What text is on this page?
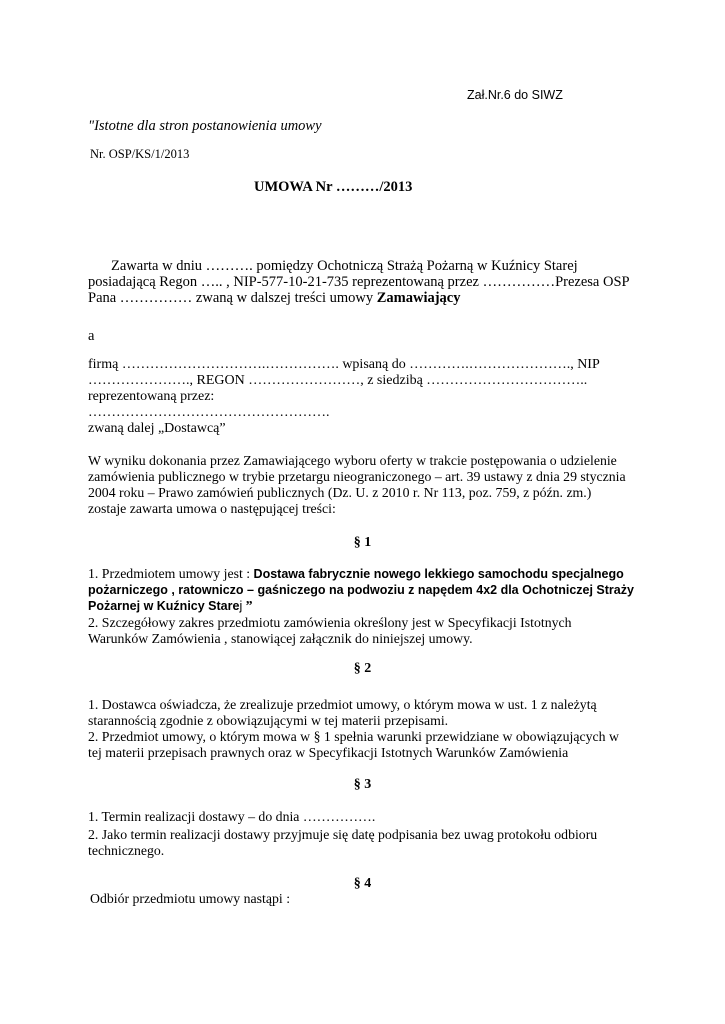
Zał.Nr.6 do SIWZ
"Istotne dla stron postanowienia umowy
Nr. OSP/KS/1/2013
UMOWA Nr ………/2013
Zawarta w dniu ………. pomiędzy Ochotniczą Strażą Pożarną w Kuźnicy Starej
posiadającą Regon ….. , NIP-577-10-21-735 reprezentowaną przez ……………Prezesa OSP
Pana …………… zwaną w dalszej treści umowy Zamawiający
a
firmą ………………………….……………. wpisaną do ………….…………………., NIP
…………………., REGON ……………………, z siedzibą ……………………………..
reprezentowaną przez:
…………………………………………….
zwaną dalej „Dostawcą”
W wyniku dokonania przez Zamawiającego wyboru oferty w trakcie postępowania o udzielenie
zamówienia publicznego w trybie przetargu nieograniczonego – art. 39 ustawy z dnia 29 stycznia
2004 roku – Prawo zamówień publicznych (Dz. U. z 2010 r. Nr 113, poz. 759, z późn. zm.)
zostaje zawarta umowa o następującej treści:
§ 1
1. Przedmiotem umowy jest : Dostawa fabrycznie nowego lekkiego samochodu specjalnego
pożarniczego , ratowniczo – gaśniczego na podwoziu z napędem 4x2 dla Ochotniczej Straży
Pożarnej w Kuźnicy Starej ”
2. Szczegółowy zakres przedmiotu zamówienia określony jest w Specyfikacji Istotnych
Warunków Zamówienia , stanowiącej załącznik do niniejszej umowy.
§ 2
1. Dostawca oświadcza, że zrealizuje przedmiot umowy, o którym mowa w ust. 1 z należytą
starannością zgodnie z obowiązującymi w tej materii przepisami.
2. Przedmiot umowy, o którym mowa w § 1 spełnia warunki przewidziane w obowiązujących w
tej materii przepisach prawnych oraz w Specyfikacji Istotnych Warunków Zamówienia
§ 3
1. Termin realizacji dostawy – do dnia …………….
2. Jako termin realizacji dostawy przyjmuje się datę podpisania bez uwag protokołu odbioru
technicznego.
§ 4
Odbiór przedmiotu umowy nastąpi :
